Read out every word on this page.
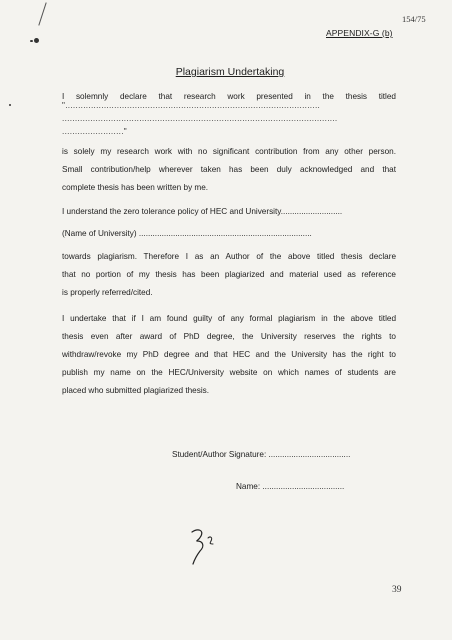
154/75
APPENDIX-G (b)
Plagiarism Undertaking
I solemnly declare that research work presented in the thesis titled
"...................................................................................................
...........................................................................................................
........................"
is solely my research work with no significant contribution from any other person.
Small contribution/help wherever taken has been duly acknowledged and that
complete thesis has been written by me.
I understand the zero tolerance policy of HEC and University...........................
(Name of University) ............................................................................
towards plagiarism. Therefore I as an Author of the above titled thesis declare
that no portion of my thesis has been plagiarized and material used as reference
is properly referred/cited.
I undertake that if I am found guilty of any formal plagiarism in the above titled
thesis even after award of PhD degree, the University reserves the rights to
withdraw/revoke my PhD degree and that HEC and the University has the right to
publish my name on the HEC/University website on which names of students are
placed who submitted plagiarized thesis.
Student/Author Signature: ....................................
Name: ....................................
39
